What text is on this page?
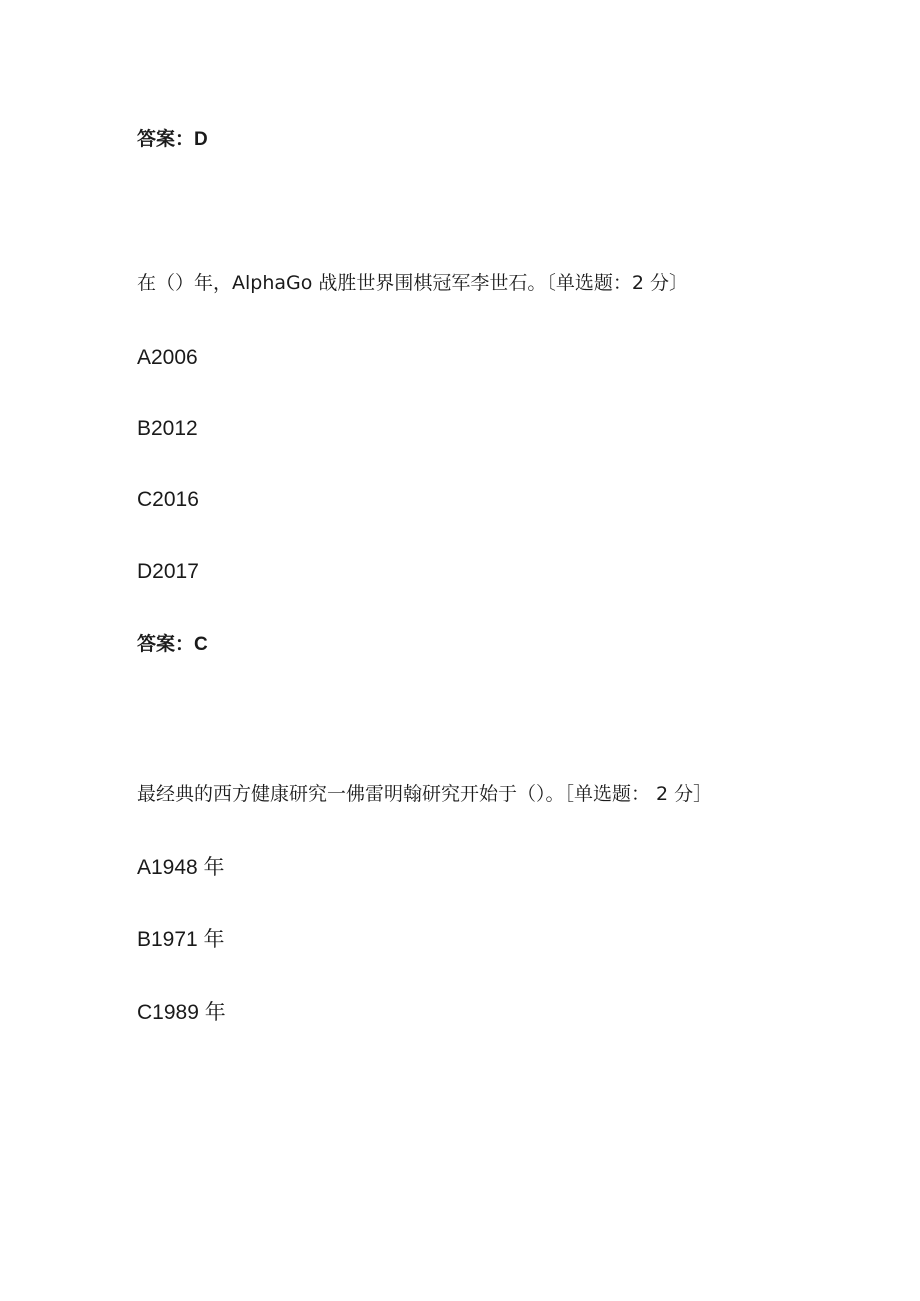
答案：D
在（）年，AlphaGo 战胜世界围棋冠军李世石。〔单选题：2 分〕
A2006
B2012
C2016
D2017
答案：C
最经典的西方健康研究一佛雷明翰研究开始于（）。［单选题： 2 分］
A1948 年
B1971 年
C1989 年
